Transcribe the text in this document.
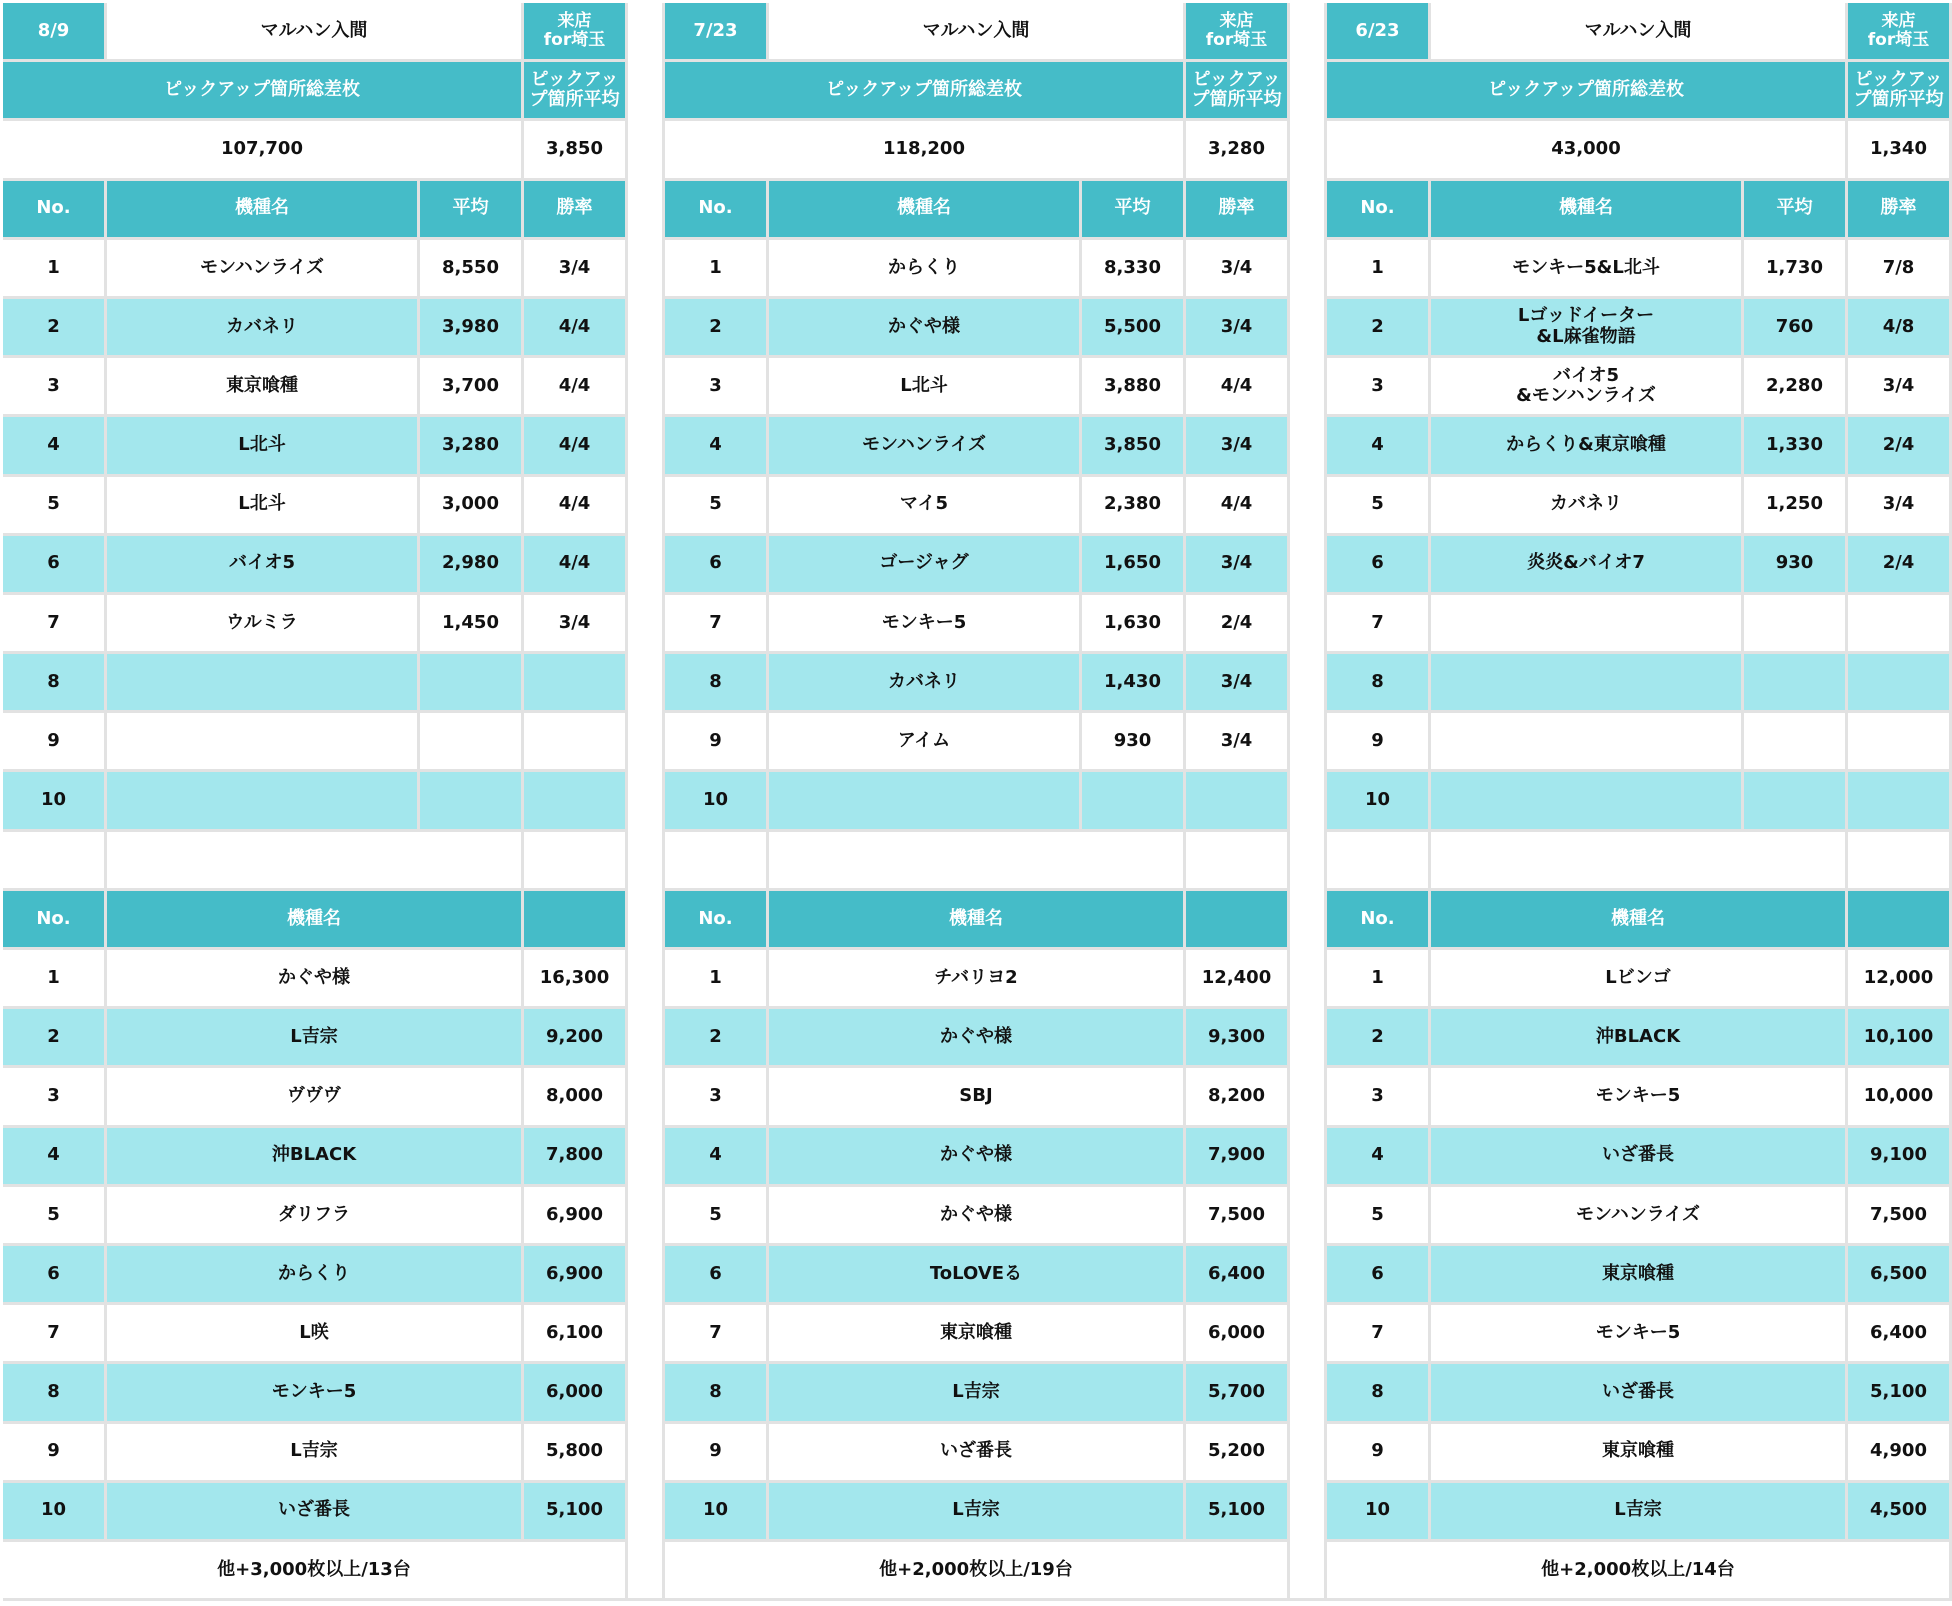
8/9	マルハン入間	来店
for埼玉
ピックアップ箇所総差枚	ピックアップ箇所平均
107,700	3,850
No.	機種名	平均	勝率
1	モンハンライズ	8,550	3/4
2	カバネリ	3,980	4/4
3	東京喰種	3,700	4/4
4	L北斗	3,280	4/4
5	L北斗	3,000	4/4
6	バイオ5	2,980	4/4
7	ウルミラ	1,450	3/4
8
9
10
No.	機種名
1	かぐや様	16,300
2	L吉宗	9,200
3	ヴヴヴ	8,000
4	沖BLACK	7,800
5	ダリフラ	6,900
6	からくり	6,900
7	L咲	6,100
8	モンキー5	6,000
9	L吉宗	5,800
10	いざ番長	5,100
他+3,000枚以上/13台
7/23	マルハン入間	来店
for埼玉
ピックアップ箇所総差枚	ピックアップ箇所平均
118,200	3,280
No.	機種名	平均	勝率
1	からくり	8,330	3/4
2	かぐや様	5,500	3/4
3	L北斗	3,880	4/4
4	モンハンライズ	3,850	3/4
5	マイ5	2,380	4/4
6	ゴージャグ	1,650	3/4
7	モンキー5	1,630	2/4
8	カバネリ	1,430	3/4
9	アイム	930	3/4
10
No.	機種名
1	チバリヨ2	12,400
2	かぐや様	9,300
3	SBJ	8,200
4	かぐや様	7,900
5	かぐや様	7,500
6	ToLOVEる	6,400
7	東京喰種	6,000
8	L吉宗	5,700
9	いざ番長	5,200
10	L吉宗	5,100
他+2,000枚以上/19台
6/23	マルハン入間	来店
for埼玉
ピックアップ箇所総差枚	ピックアップ箇所平均
43,000	1,340
No.	機種名	平均	勝率
1	モンキー5&L北斗	1,730	7/8
2	Lゴッドイーター
&L麻雀物語	760	4/8
3	バイオ5
&モンハンライズ	2,280	3/4
4	からくり&東京喰種	1,330	2/4
5	カバネリ	1,250	3/4
6	炎炎&バイオ7	930	2/4
7
8
9
10
No.	機種名
1	Lビンゴ	12,000
2	沖BLACK	10,100
3	モンキー5	10,000
4	いざ番長	9,100
5	モンハンライズ	7,500
6	東京喰種	6,500
7	モンキー5	6,400
8	いざ番長	5,100
9	東京喰種	4,900
10	L吉宗	4,500
他+2,000枚以上/14台
